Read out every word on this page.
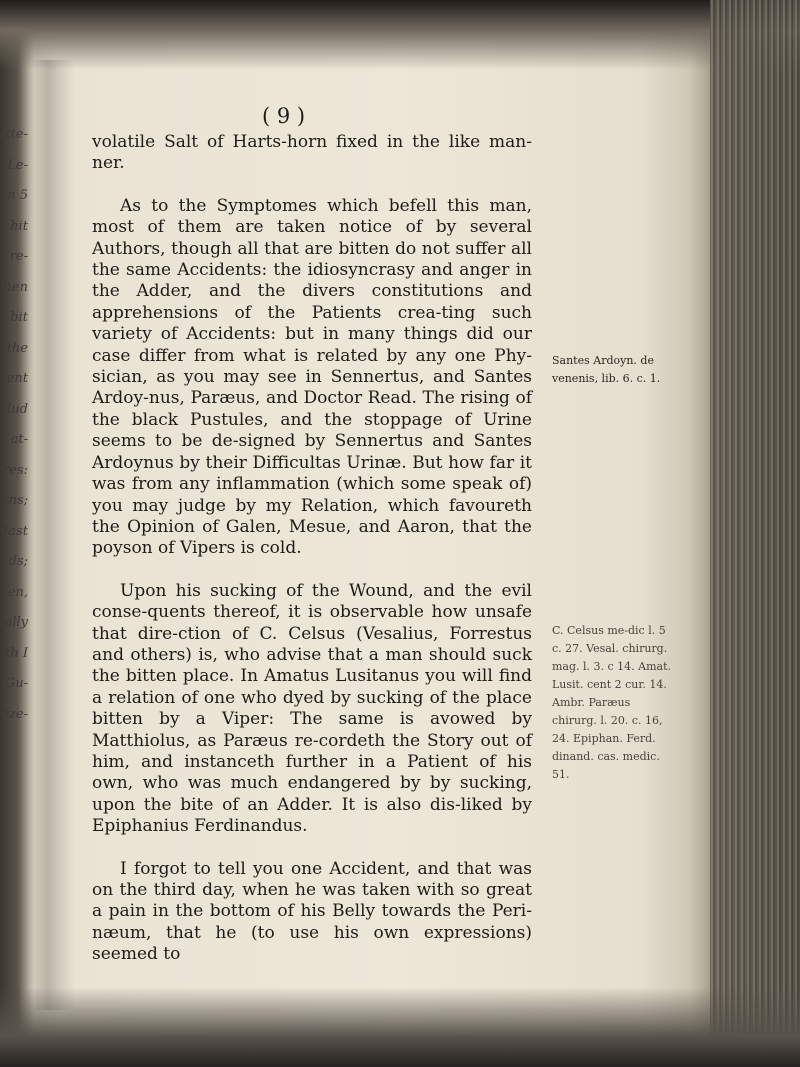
itte-
Le-
n 5
hit
re-
hen
bit
the
ent
lud
at-
res:
ens;
fast
ds;
en,
ally
th I
Gu-
lize-
( 9 )

volatile Salt of Harts-horn fixed in the like man-ner.

As to the Symptomes which befell this man, most of them are taken notice of by several Authors, though all that are bitten do not suffer all the same Accidents: the idiosyncrasy and anger in the Adder, and the divers constitutions and apprehensions of the Patients crea-ting such variety of Accidents: but in many things did our case differ from what is related by any one Phy-sician, as you may see in Sennertus, and Santes Ardoy-nus, Paræus, and Doctor Read. The rising of the black Pustules, and the stoppage of Urine seems to be de-signed by Sennertus and Santes Ardoynus by their Difficultas Urinæ. But how far it was from any inflammation (which some speak of) you may judge by my Relation, which favoureth the Opinion of Galen, Mesue, and Aaron, that the poyson of Vipers is cold.

Upon his sucking of the Wound, and the evil conse-quents thereof, it is observable how unsafe that dire-ction of C. Celsus (Vesalius, Forrestus and others) is, who advise that a man should suck the bitten place. In Amatus Lusitanus you will find a relation of one who dyed by sucking of the place bitten by a Viper: The same is avowed by Matthiolus, as Paræus re-cordeth the Story out of him, and instanceth further in a Patient of his own, who was much endangered by by sucking, upon the bite of an Adder. It is also dis-liked by Epiphanius Ferdinandus.

I forgot to tell you one Accident, and that was on the third day, when he was taken with so great a pain in the bottom of his Belly towards the Peri-næum, that he (to use his own expressions) seemed to

Santes Ardoyn. de venenis, lib. 6. c. 1.
C. Celsus me-dic l. 5 c. 27. Vesal. chirurg. mag. l. 3. c 14. Amat. Lusit. cent 2 cur. 14. Ambr. Paræus chirurg. l. 20. c. 16, 24. Epiphan. Ferd. dinand. cas. medic. 51.
